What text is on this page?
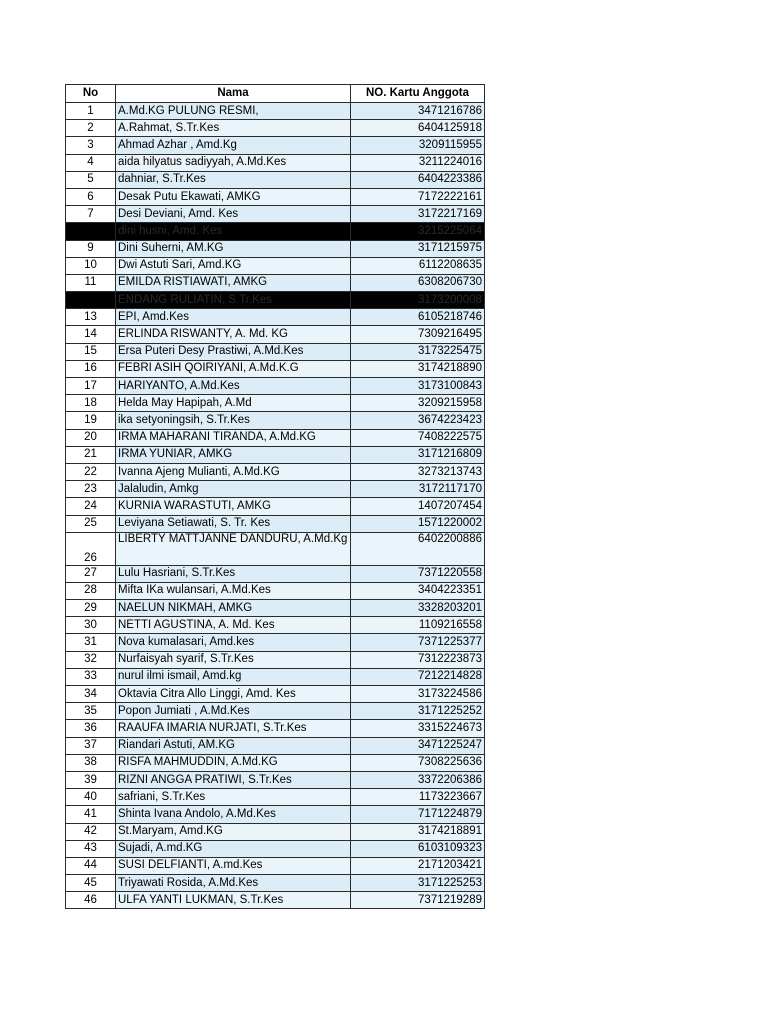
No	Nama	NO. Kartu Anggota
1	A.Md.KG PULUNG RESMI,	3471216786
2	A.Rahmat, S.Tr.Kes	6404125918
3	Ahmad Azhar , Amd.Kg	3209115955
4	aida hilyatus sadiyyah, A.Md.Kes	3211224016
5	dahniar, S.Tr.Kes	6404223386
6	Desak Putu Ekawati, AMKG	7172222161
7	Desi Deviani, Amd. Kes	3172217169
	dini husni, Amd. Kes	3215225064
9	Dini Suherni, AM.KG	3171215975
10	Dwi Astuti Sari, Amd.KG	6112208635
11	EMILDA RISTIAWATI, AMKG	6308206730
	ENDANG RULIATIN, S.Tr.Kes	3173200008
13	EPI, Amd.Kes	6105218746
14	ERLINDA RISWANTY, A. Md. KG	7309216495
15	Ersa Puteri Desy Prastiwi, A.Md.Kes	3173225475
16	FEBRI ASIH QOIRIYANI, A.Md.K.G	3174218890
17	HARIYANTO, A.Md.Kes	3173100843
18	Helda May Hapipah, A.Md	3209215958
19	ika setyoningsih, S.Tr.Kes	3674223423
20	IRMA MAHARANI TIRANDA, A.Md.KG	7408222575
21	IRMA YUNIAR, AMKG	3171216809
22	Ivanna Ajeng Mulianti, A.Md.KG	3273213743
23	Jalaludin, Amkg	3172117170
24	KURNIA WARASTUTI, AMKG	1407207454
25	Leviyana Setiawati, S. Tr. Kes	1571220002
26	LIBERTY MATTJANNE DANDURU, A.Md.Kg	6402200886
27	Lulu Hasriani, S.Tr.Kes	7371220558
28	Mifta IKa wulansari, A.Md.Kes	3404223351
29	NAELUN NIKMAH, AMKG	3328203201
30	NETTI AGUSTINA, A. Md. Kes	1109216558
31	Nova kumalasari, Amd.kes	7371225377
32	Nurfaisyah syarif, S.Tr.Kes	7312223873
33	nurul ilmi ismail, Amd.kg	7212214828
34	Oktavia Citra Allo Linggi, Amd. Kes	3173224586
35	Popon Jumiati , A.Md.Kes	3171225252
36	RAAUFA IMARIA NURJATI, S.Tr.Kes	3315224673
37	Riandari Astuti, AM.KG	3471225247
38	RISFA MAHMUDDIN, A.Md.KG	7308225636
39	RIZNI ANGGA PRATIWI, S.Tr.Kes	3372206386
40	safriani, S.Tr.Kes	1173223667
41	Shinta Ivana Andolo, A.Md.Kes	7171224879
42	St.Maryam, Amd.KG	3174218891
43	Sujadi, A.md.KG	6103109323
44	SUSI DELFIANTI, A.md.Kes	2171203421
45	Triyawati Rosida, A.Md.Kes	3171225253
46	ULFA YANTI LUKMAN, S.Tr.Kes	7371219289
